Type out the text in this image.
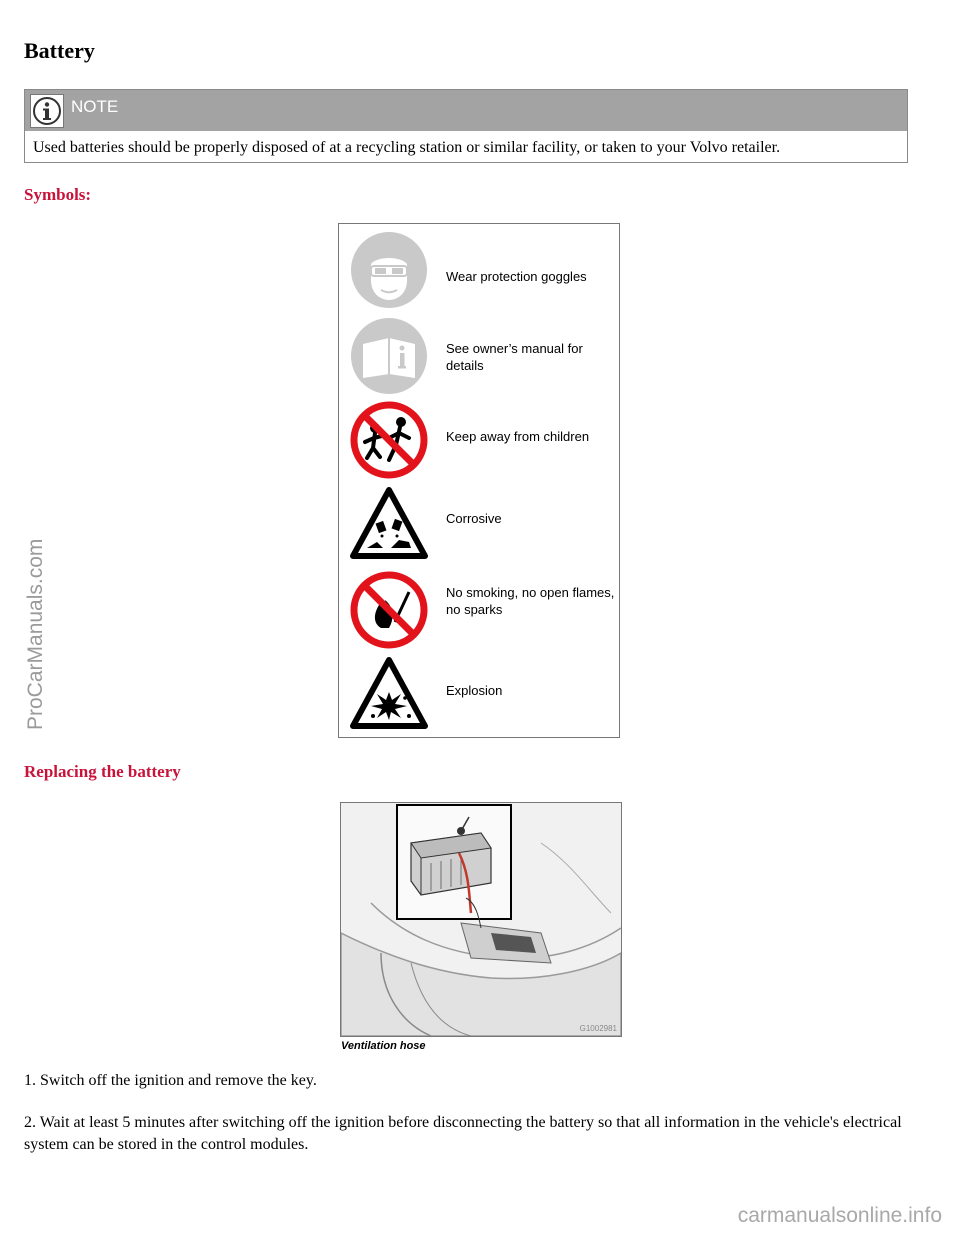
Battery
NOTE
Used batteries should be properly disposed of at a recycling station or similar facility, or taken to your Volvo retailer.
Symbols:
Wear protection goggles
See owner’s manual for details
Keep away from children
Corrosive
No smoking, no open flames, no sparks
Explosion
Replacing the battery
G1002981
Ventilation hose

1. Switch off the ignition and remove the key.

2. Wait at least 5 minutes after switching off the ignition before disconnecting the battery so that all information in the vehicle's electrical system can be stored in the control modules.

ProCarManuals.com
carmanualsonline.info
